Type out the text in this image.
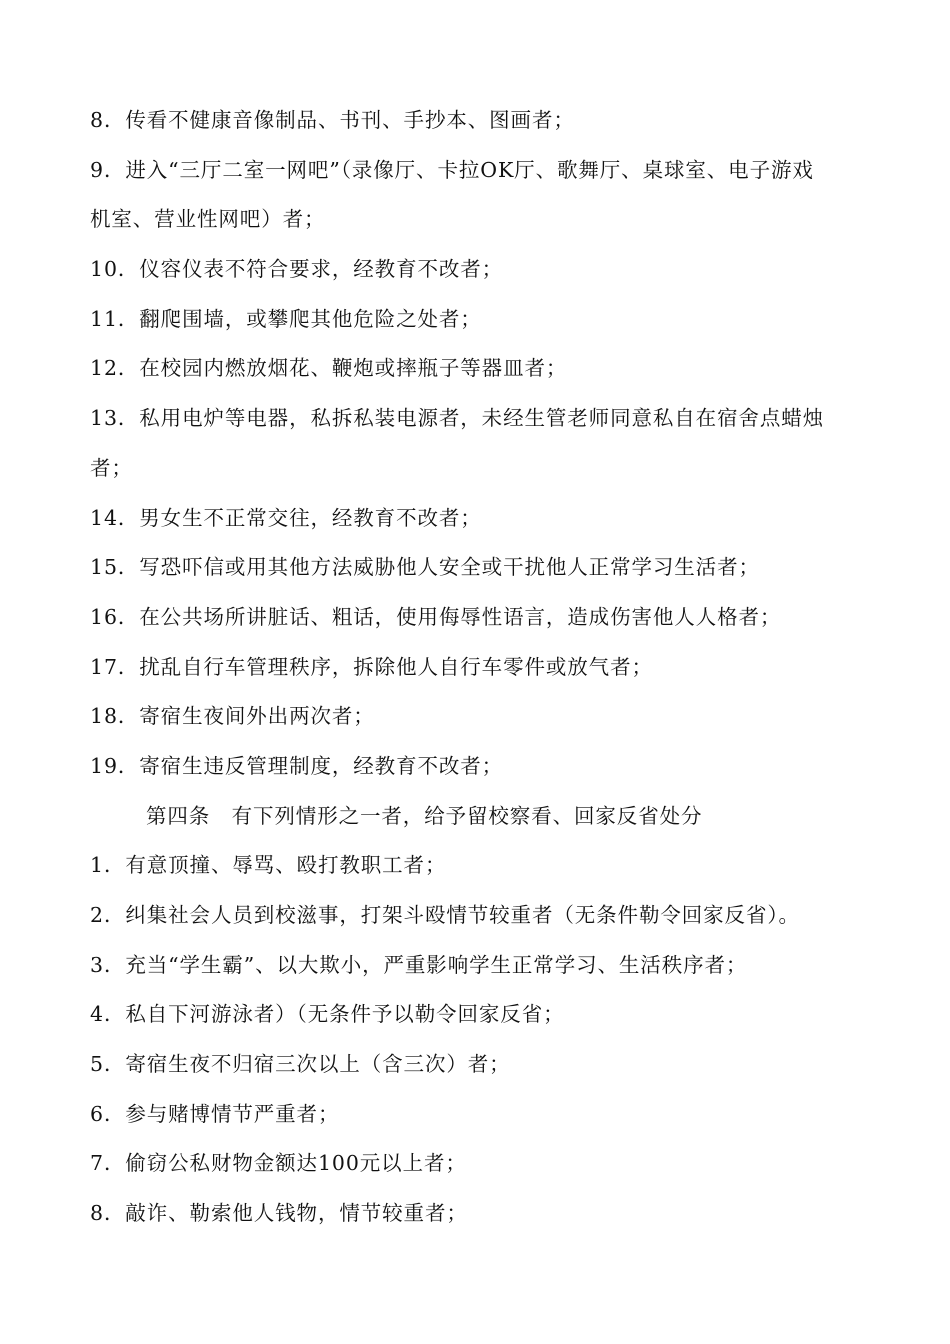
8．传看不健康音像制品、书刊、手抄本、图画者；
9．进入“三厅二室一网吧”（录像厅、卡拉OK厅、歌舞厅、桌球室、电子游戏
机室、营业性网吧）者；
10．仪容仪表不符合要求，经教育不改者；
11．翻爬围墙，或攀爬其他危险之处者；
12．在校园内燃放烟花、鞭炮或摔瓶子等器皿者；
13．私用电炉等电器，私拆私装电源者，未经生管老师同意私自在宿舍点蜡烛
者；
14．男女生不正常交往，经教育不改者；
15．写恐吓信或用其他方法威胁他人安全或干扰他人正常学习生活者；
16．在公共场所讲脏话、粗话，使用侮辱性语言，造成伤害他人人格者；
17．扰乱自行车管理秩序，拆除他人自行车零件或放气者；
18．寄宿生夜间外出两次者；
19．寄宿生违反管理制度，经教育不改者；
第四条　有下列情形之一者，给予留校察看、回家反省处分
1．有意顶撞、辱骂、殴打教职工者；
2．纠集社会人员到校滋事，打架斗殴情节较重者（无条件勒令回家反省）。
3．充当“学生霸”、以大欺小，严重影响学生正常学习、生活秩序者；
4．私自下河游泳者）（无条件予以勒令回家反省；
5．寄宿生夜不归宿三次以上（含三次）者；
6．参与赌博情节严重者；
7．偷窃公私财物金额达100元以上者；
8．敲诈、勒索他人钱物，情节较重者；
